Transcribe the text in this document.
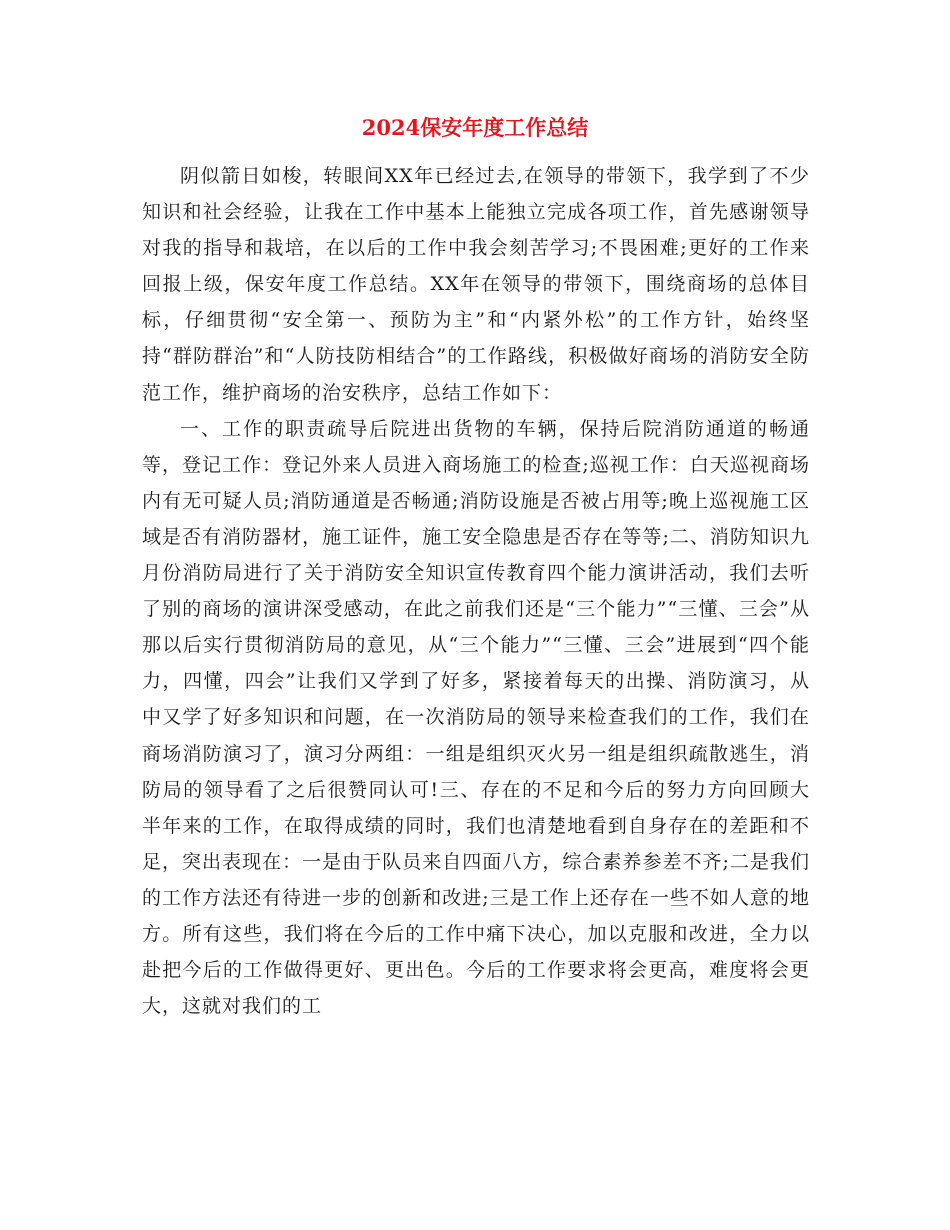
2024保安年度工作总结

阴似箭日如梭，转眼间XX年已经过去,在领导的带领下，我学到了不少知识和社会经验，让我在工作中基本上能独立完成各项工作，首先感谢领导对我的指导和栽培，在以后的工作中我会刻苦学习;不畏困难;更好的工作来回报上级，保安年度工作总结。XX年在领导的带领下，围绕商场的总体目标，仔细贯彻“安全第一、预防为主”和“内紧外松”的工作方针，始终坚持“群防群治”和“人防技防相结合”的工作路线，积极做好商场的消防安全防范工作，维护商场的治安秩序，总结工作如下：

一、工作的职责疏导后院进出货物的车辆，保持后院消防通道的畅通等，登记工作：登记外来人员进入商场施工的检查;巡视工作：白天巡视商场内有无可疑人员;消防通道是否畅通;消防设施是否被占用等;晚上巡视施工区域是否有消防器材，施工证件，施工安全隐患是否存在等等;二、消防知识九月份消防局进行了关于消防安全知识宣传教育四个能力演讲活动，我们去听了别的商场的演讲深受感动，在此之前我们还是“三个能力”“三懂、三会”从那以后实行贯彻消防局的意见，从“三个能力”“三懂、三会”进展到“四个能力，四懂，四会”让我们又学到了好多，紧接着每天的出操、消防演习，从中又学了好多知识和问题，在一次消防局的领导来检查我们的工作，我们在商场消防演习了，演习分两组：一组是组织灭火另一组是组织疏散逃生，消防局的领导看了之后很赞同认可!三、存在的不足和今后的努力方向回顾大半年来的工作，在取得成绩的同时，我们也清楚地看到自身存在的差距和不足，突出表现在：一是由于队员来自四面八方，综合素养参差不齐;二是我们的工作方法还有待进一步的创新和改进;三是工作上还存在一些不如人意的地方。所有这些，我们将在今后的工作中痛下决心，加以克服和改进，全力以赴把今后的工作做得更好、更出色。今后的工作要求将会更高，难度将会更大，这就对我们的工
